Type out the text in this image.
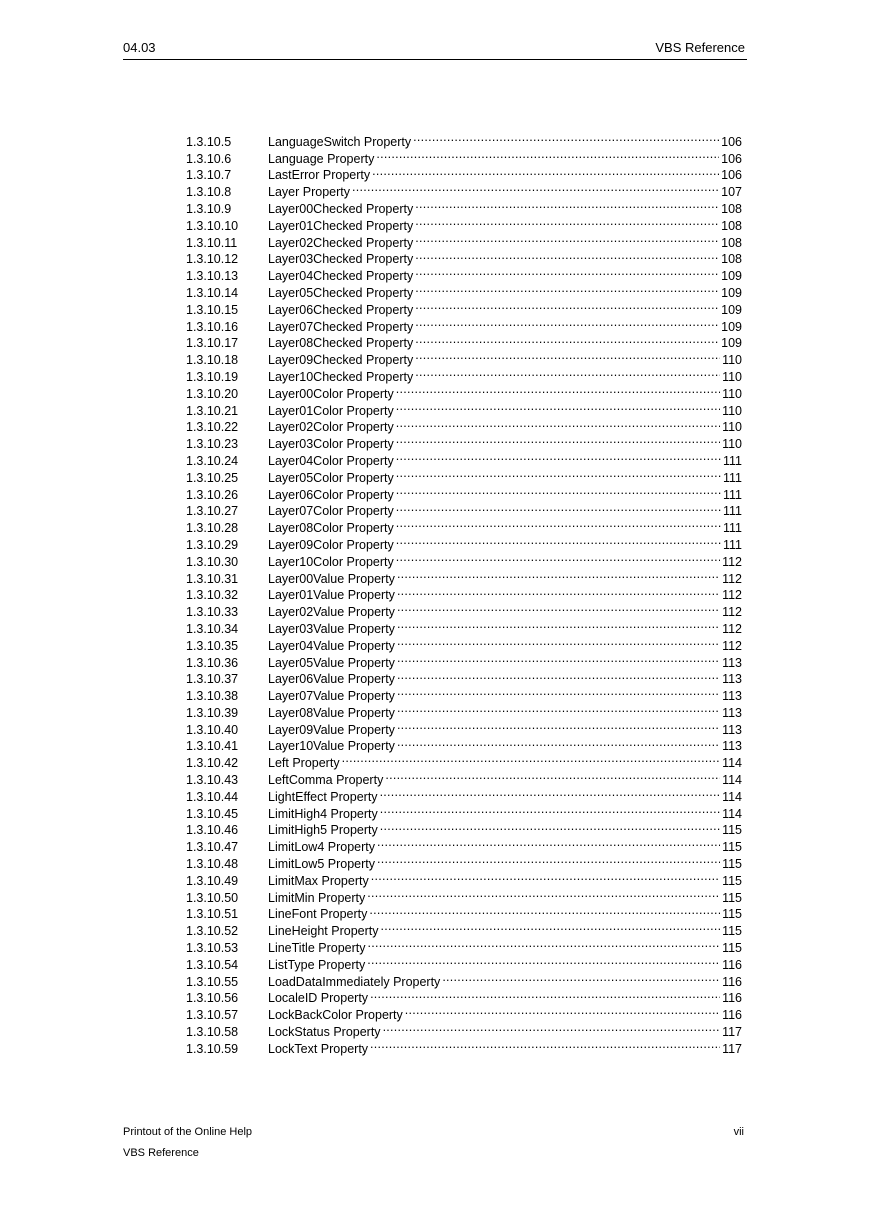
04.03	VBS Reference
1.3.10.5	LanguageSwitch Property . . .	106
1.3.10.6	Language Property . . .	106
1.3.10.7	LastError Property . . .	106
1.3.10.8	Layer Property . . .	107
1.3.10.9	Layer00Checked Property . . .	108
1.3.10.10	Layer01Checked Property . . .	108
1.3.10.11	Layer02Checked Property . . .	108
1.3.10.12	Layer03Checked Property . . .	108
1.3.10.13	Layer04Checked Property . . .	109
1.3.10.14	Layer05Checked Property . . .	109
1.3.10.15	Layer06Checked Property . . .	109
1.3.10.16	Layer07Checked Property . . .	109
1.3.10.17	Layer08Checked Property . . .	109
1.3.10.18	Layer09Checked Property . . .	110
1.3.10.19	Layer10Checked Property . . .	110
1.3.10.20	Layer00Color Property . . .	110
1.3.10.21	Layer01Color Property . . .	110
1.3.10.22	Layer02Color Property . . .	110
1.3.10.23	Layer03Color Property . . .	110
1.3.10.24	Layer04Color Property . . .	111
1.3.10.25	Layer05Color Property . . .	111
1.3.10.26	Layer06Color Property . . .	111
1.3.10.27	Layer07Color Property . . .	111
1.3.10.28	Layer08Color Property . . .	111
1.3.10.29	Layer09Color Property . . .	111
1.3.10.30	Layer10Color Property . . .	112
1.3.10.31	Layer00Value Property . . .	112
1.3.10.32	Layer01Value Property . . .	112
1.3.10.33	Layer02Value Property . . .	112
1.3.10.34	Layer03Value Property . . .	112
1.3.10.35	Layer04Value Property . . .	112
1.3.10.36	Layer05Value Property . . .	113
1.3.10.37	Layer06Value Property . . .	113
1.3.10.38	Layer07Value Property . . .	113
1.3.10.39	Layer08Value Property . . .	113
1.3.10.40	Layer09Value Property . . .	113
1.3.10.41	Layer10Value Property . . .	113
1.3.10.42	Left Property . . .	114
1.3.10.43	LeftComma Property . . .	114
1.3.10.44	LightEffect Property . . .	114
1.3.10.45	LimitHigh4 Property . . .	114
1.3.10.46	LimitHigh5 Property . . .	115
1.3.10.47	LimitLow4 Property . . .	115
1.3.10.48	LimitLow5 Property . . .	115
1.3.10.49	LimitMax Property . . .	115
1.3.10.50	LimitMin Property . . .	115
1.3.10.51	LineFont Property . . .	115
1.3.10.52	LineHeight Property . . .	115
1.3.10.53	LineTitle Property . . .	115
1.3.10.54	ListType Property . . .	116
1.3.10.55	LoadDataImmediately Property . . .	116
1.3.10.56	LocaleID Property . . .	116
1.3.10.57	LockBackColor Property . . .	116
1.3.10.58	LockStatus Property . . .	117
1.3.10.59	LockText Property . . .	117
Printout of the Online Help	vii
VBS Reference
